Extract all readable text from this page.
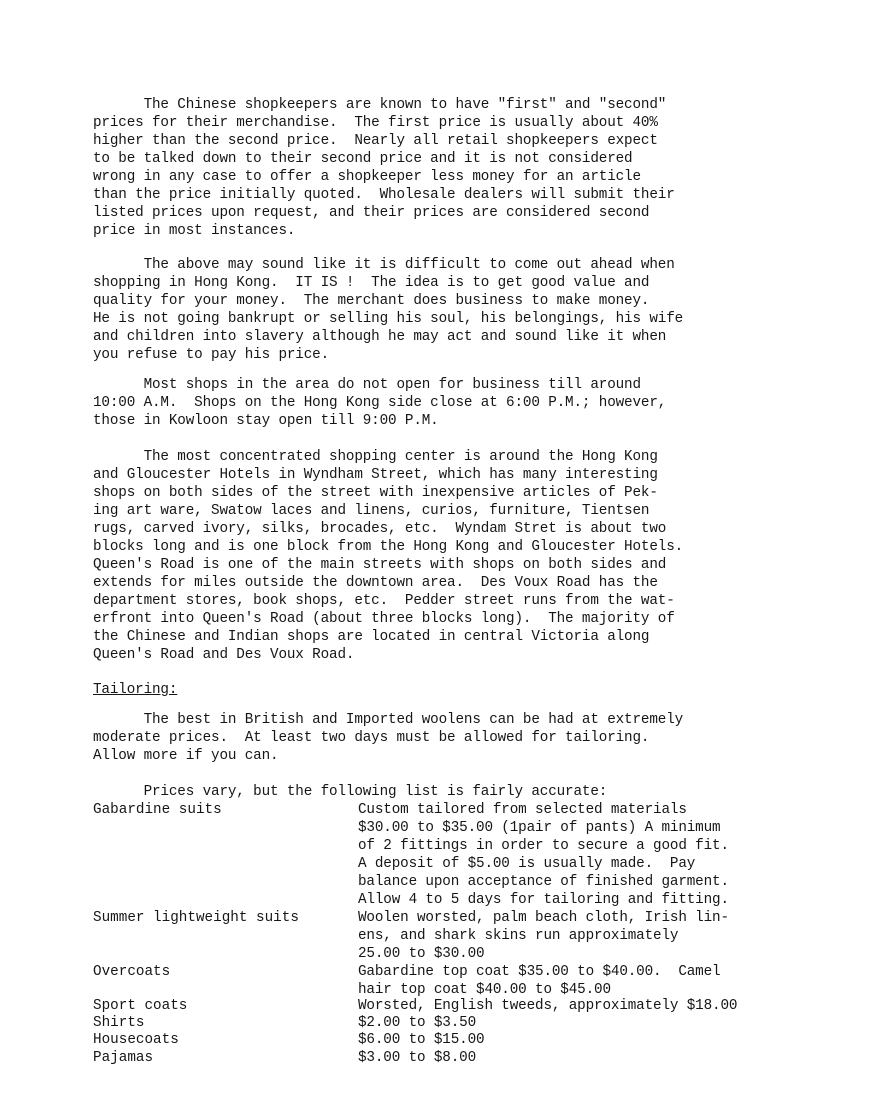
The Chinese shopkeepers are known to have "first" and "second"
prices for their merchandise.  The first price is usually about 40%
higher than the second price.  Nearly all retail shopkeepers expect
to be talked down to their second price and it is not considered
wrong in any case to offer a shopkeeper less money for an article
than the price initially quoted.  Wholesale dealers will submit their
listed prices upon request, and their prices are considered second
price in most instances.
The above may sound like it is difficult to come out ahead when
shopping in Hong Kong.  IT IS !  The idea is to get good value and
quality for your money.  The merchant does business to make money.
He is not going bankrupt or selling his soul, his belongings, his wife
and children into slavery although he may act and sound like it when
you refuse to pay his price.
Most shops in the area do not open for business till around
10:00 A.M.  Shops on the Hong Kong side close at 6:00 P.M.; however,
those in Kowloon stay open till 9:00 P.M.
The most concentrated shopping center is around the Hong Kong
and Gloucester Hotels in Wyndham Street, which has many interesting
shops on both sides of the street with inexpensive articles of Pek-
ing art ware, Swatow laces and linens, curios, furniture, Tientsen
rugs, carved ivory, silks, brocades, etc.  Wyndam Stret is about two
blocks long and is one block from the Hong Kong and Gloucester Hotels.
Queen's Road is one of the main streets with shops on both sides and
extends for miles outside the downtown area.  Des Voux Road has the
department stores, book shops, etc.  Pedder street runs from the wat-
erfront into Queen's Road (about three blocks long).  The majority of
the Chinese and Indian shops are located in central Victoria along
Queen's Road and Des Voux Road.
Tailoring:
The best in British and Imported woolens can be had at extremely
moderate prices.  At least two days must be allowed for tailoring.
Allow more if you can.
Prices vary, but the following list is fairly accurate:
Gabardine suits	Custom tailored from selected materials
$30.00 to $35.00 (1pair of pants) A minimum
of 2 fittings in order to secure a good fit.
A deposit of $5.00 is usually made.  Pay
balance upon acceptance of finished garment.
Allow 4 to 5 days for tailoring and fitting.
Summer lightweight suits	Woolen worsted, palm beach cloth, Irish lin-
ens, and shark skins run approximately
25.00 to $30.00
Overcoats	Gabardine top coat $35.00 to $40.00.  Camel
hair top coat $40.00 to $45.00
Sport coats	Worsted, English tweeds, approximately $18.00
Shirts	$2.00 to $3.50
Housecoats	$6.00 to $15.00
Pajamas	$3.00 to $8.00
